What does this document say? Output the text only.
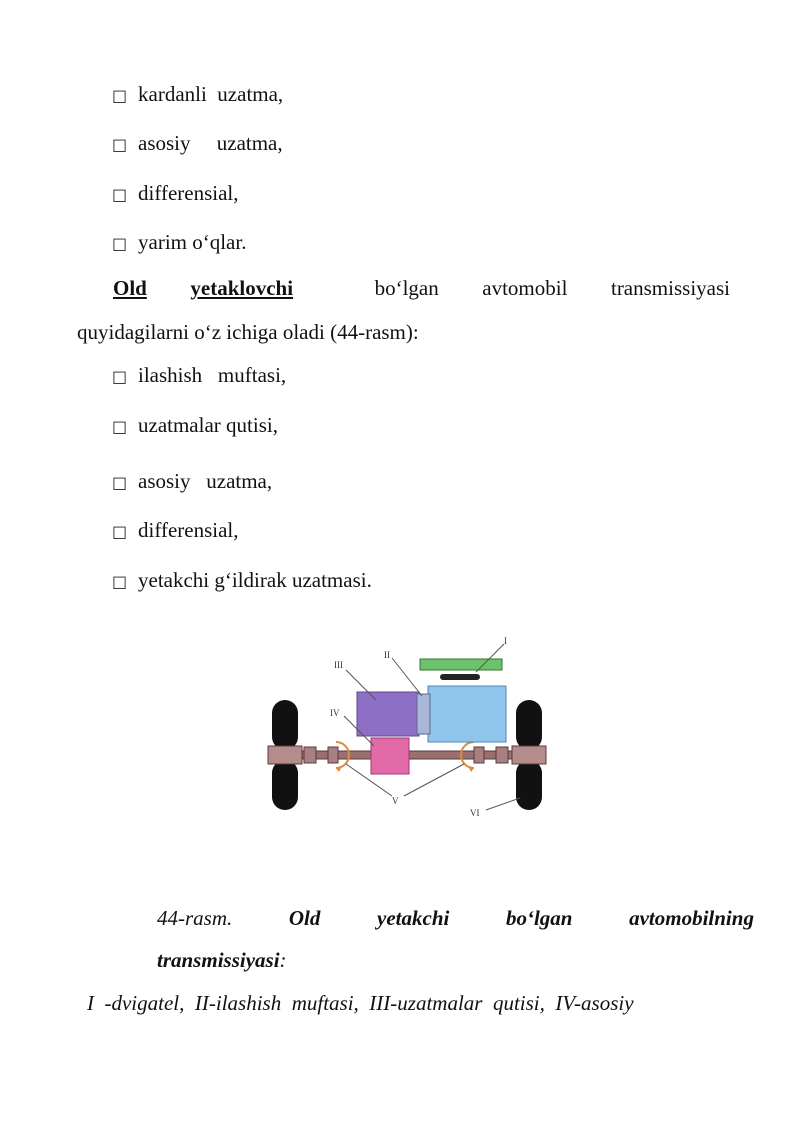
□
kardanli  uzatma,
□
asosiy     uzatma,
□
differensial,
□
yarim o‘qlar.
Old yetaklovchi	bo‘lgan avtomobil transmissiyasi
quyidagilarni o‘z ichiga oladi (44-rasm):
□
ilashish   muftasi,
□
uzatmalar qutisi,
□
asosiy   uzatma,
□
differensial,
□
yetakchi g‘ildirak uzatmasi.
I
II
III
IV
V
VI
44-rasm.	Old	yetakchi	bo‘lgan	avtomobilning
transmissiyasi:
I  -dvigatel,  II-ilashish  muftasi,  III-uzatmalar  qutisi,  IV-asosiy
